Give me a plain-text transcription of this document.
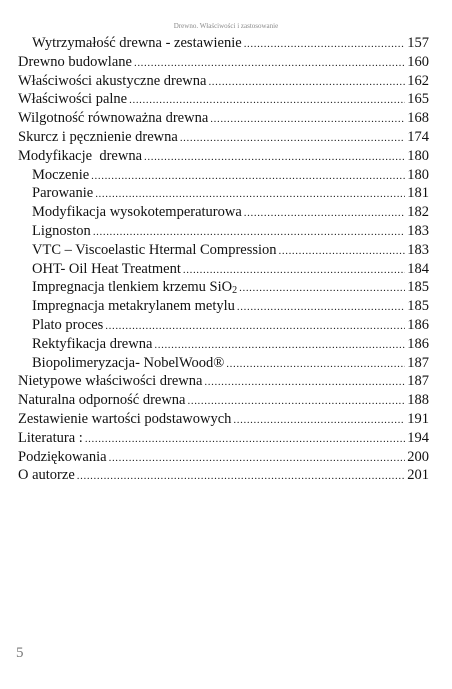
Drewno. Właściwości i zastosowanie
Wytrzymałość drewna - zestawienie .....	157
Drewno budowlane .....	160
Właściwości akustyczne drewna .....	162
Właściwości palne .....	165
Wilgotność równoważna drewna .....	168
Skurcz i pęcznienie drewna .....	174
Modyfikacje  drewna .....	180
Moczenie .....	180
Parowanie .....	181
Modyfikacja wysokotemperaturowa .....	182
Lignoston .....	183
VTC – Viscoelastic Htermal Compression .....	183
OHT- Oil Heat Treatment .....	184
Impregnacja tlenkiem krzemu SiO$_2$ .....	185
Impregnacja metakrylanem metylu .....	185
Plato proces .....	186
Rektyfikacja drewna .....	186
Biopolimeryzacja- NobelWood® .....	187
Nietypowe właściwości drewna .....	187
Naturalna odporność drewna .....	188
Zestawienie wartości podstawowych .....	191
Literatura : .....	194
Podziękowania .....	200
O autorze .....	201
5
